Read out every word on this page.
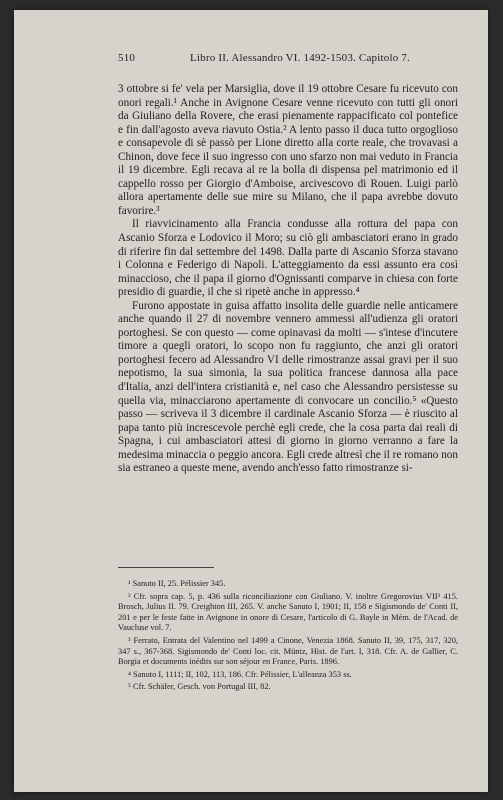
510	Libro II. Alessandro VI. 1492-1503. Capitolo 7.

3 ottobre si fe' vela per Marsiglia, dove il 19 ottobre Cesare fu ricevuto con onori regali.¹ Anche in Avignone Cesare venne ricevuto con tutti gli onori da Giuliano della Rovere, che erasi pienamente rappacificato col pontefice e fin dall'agosto aveva riavuto Ostia.² A lento passo il duca tutto orgoglioso e consapevole di sè passò per Lione diretto alla corte reale, che trovavasi a Chinon, dove fece il suo ingresso con uno sfarzo non mai veduto in Francia il 19 dicembre. Egli recava al re la bolla di dispensa pel matrimonio ed il cappello rosso per Giorgio d'Amboise, arcivescovo di Rouen. Luigi parlò allora apertamente delle sue mire su Milano, che il papa avrebbe dovuto favorire.³

Il riavvicinamento alla Francia condusse alla rottura del papa con Ascanio Sforza e Lodovico il Moro; su ciò gli ambasciatori erano in grado di riferire fin dal settembre del 1498. Dalla parte di Ascanio Sforza stavano i Colonna e Federigo di Napoli. L'atteggiamento da essi assunto era così minaccioso, che il papa il giorno d'Ognissanti comparve in chiesa con forte presidio di guardie, il che si ripetè anche in appresso.⁴

Furono appostate in guisa affatto insolita delle guardie nelle anticamere anche quando il 27 di novembre vennero ammessi all'udienza gli oratori portoghesi. Se con questo — come opinavasi da molti — s'intese d'incutere timore a quegli oratori, lo scopo non fu raggiunto, che anzi gli oratori portoghesi fecero ad Alessandro VI delle rimostranze assai gravi per il suo nepotismo, la sua simonia, la sua politica francese dannosa alla pace d'Italia, anzi dell'intera cristianità e, nel caso che Alessandro persistesse su quella via, minacciarono apertamente di convocare un concilio.⁵ «Questo passo — scriveva il 3 dicembre il cardinale Ascanio Sforza — è riuscito al papa tanto più increscevole perchè egli crede, che la cosa parta dai reali di Spagna, i cui ambasciatori attesi di giorno in giorno verranno a fare la medesima minaccia o peggio ancora. Egli crede altresì che il re romano non sia estraneo a queste mene, avendo anch'esso fatto rimostranze si-

¹ Sanuto II, 25. Pélissier 345.

² Cfr. sopra cap. 5, p. 436 sulla riconciliazione con Giuliano. V. inoltre Gregorovius VII³ 415. Brosch, Julius II. 79. Creighton III, 265. V. anche Sanuto I, 1901; II, 158 e Sigismondo de' Conti II, 201 e per le feste fatte in Avignone in onore di Cesare, l'articolo di G. Bayle in Mém. de l'Acad. de Vaucluse vol. 7.

³ Ferrato, Entrata del Valentino nel 1499 a Cinone, Venezia 1868. Sanuto II, 39, 175, 317, 320, 347 s., 367-368. Sigismondo de' Conti loc. cit. Müntz, Hist. de l'art. I, 318. Cfr. A. de Gallier, C. Borgia et documents inédits sur son séjour en France, Paris. 1896.

⁴ Sanuto I, 1111; II, 102, 113, 186. Cfr. Pélissier, L'alleanza 353 ss.

⁵ Cfr. Schäfer, Gesch. von Portugal III, 82.
